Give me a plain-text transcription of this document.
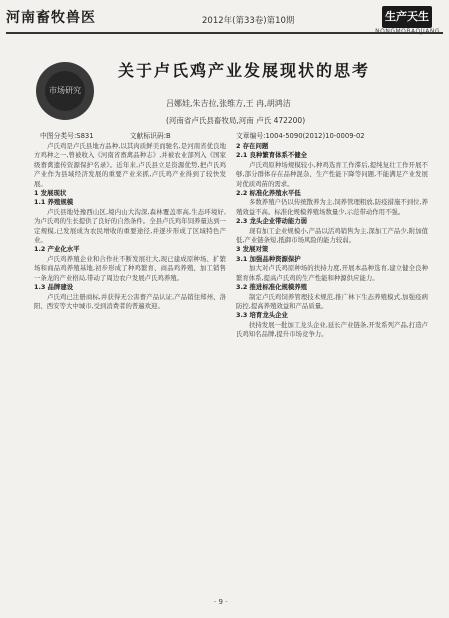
河南畜牧兽医	2012年(第33卷)第10期	生产天生
市场研究
关于卢氏鸡产业发展现状的思考
吕娜娃,朱吉拉,张维方,王 冉,胡鸿洁
(河南省卢氏县畜牧局,河南 卢氏 472200)
中图分类号:S831	文献标识码:B	文章编号:1004-5090(2012)10-0009-02
卢氏鸡是卢氏县地方品种,以其肉质鲜美而驰名,是河南省优良地方鸡种之一,曾被收入《河南省畜禽品种志》,并被农业部列入《国家级畜禽遗传资源保护名录》。近年来,卢氏县立足资源优势,把卢氏鸡产业作为县域经济发展的重要产业来抓,卢氏鸡产业得到了较快发展。
1 发展现状
1.1 养殖规模
卢氏县地处豫西山区,境内山大沟深,森林覆盖率高,生态环境好,为卢氏鸡的生长提供了良好的自然条件。全县卢氏鸡年饲养量达到一定规模,已发展成为农民增收的重要途径,并逐步形成了区域特色产业。
1.2 产业化水平
卢氏鸡养殖企业和合作社不断发展壮大,现已建成原种场、扩繁场和商品鸡养殖基地,初步形成了种鸡繁育、商品鸡养殖、加工销售一条龙的产业格局,带动了周边农户发展卢氏鸡养殖。
1.3 品牌建设
卢氏鸡已注册商标,并获得无公害畜产品认证,产品销往郑州、洛阳、西安等大中城市,受到消费者的普遍欢迎。
2 存在问题
2.1 良种繁育体系不健全
卢氏鸡原种场规模较小,种鸡选育工作滞后,提纯复壮工作开展不够,部分群体存在品种混杂、生产性能下降等问题,不能满足产业发展对优质鸡苗的需求。
2.2 标准化养殖水平低
多数养殖户仍以传统散养为主,饲养管理粗放,防疫措施不到位,养殖效益不高。标准化规模养殖场数量少,示范带动作用不强。
2.3 龙头企业带动能力弱
现有加工企业规模小,产品以活鸡销售为主,深加工产品少,附加值低,产业链条短,抵御市场风险的能力较弱。
3 发展对策
3.1 加强品种资源保护
加大对卢氏鸡原种场的扶持力度,开展本品种选育,建立健全良种繁育体系,提高卢氏鸡的生产性能和种源供应能力。
3.2 推进标准化规模养殖
制定卢氏鸡饲养管理技术规范,推广林下生态养殖模式,加强疫病防控,提高养殖效益和产品质量。
3.3 培育龙头企业
扶持发展一批加工龙头企业,延长产业链条,开发系列产品,打造卢氏鸡知名品牌,提升市场竞争力。
· 9 ·
